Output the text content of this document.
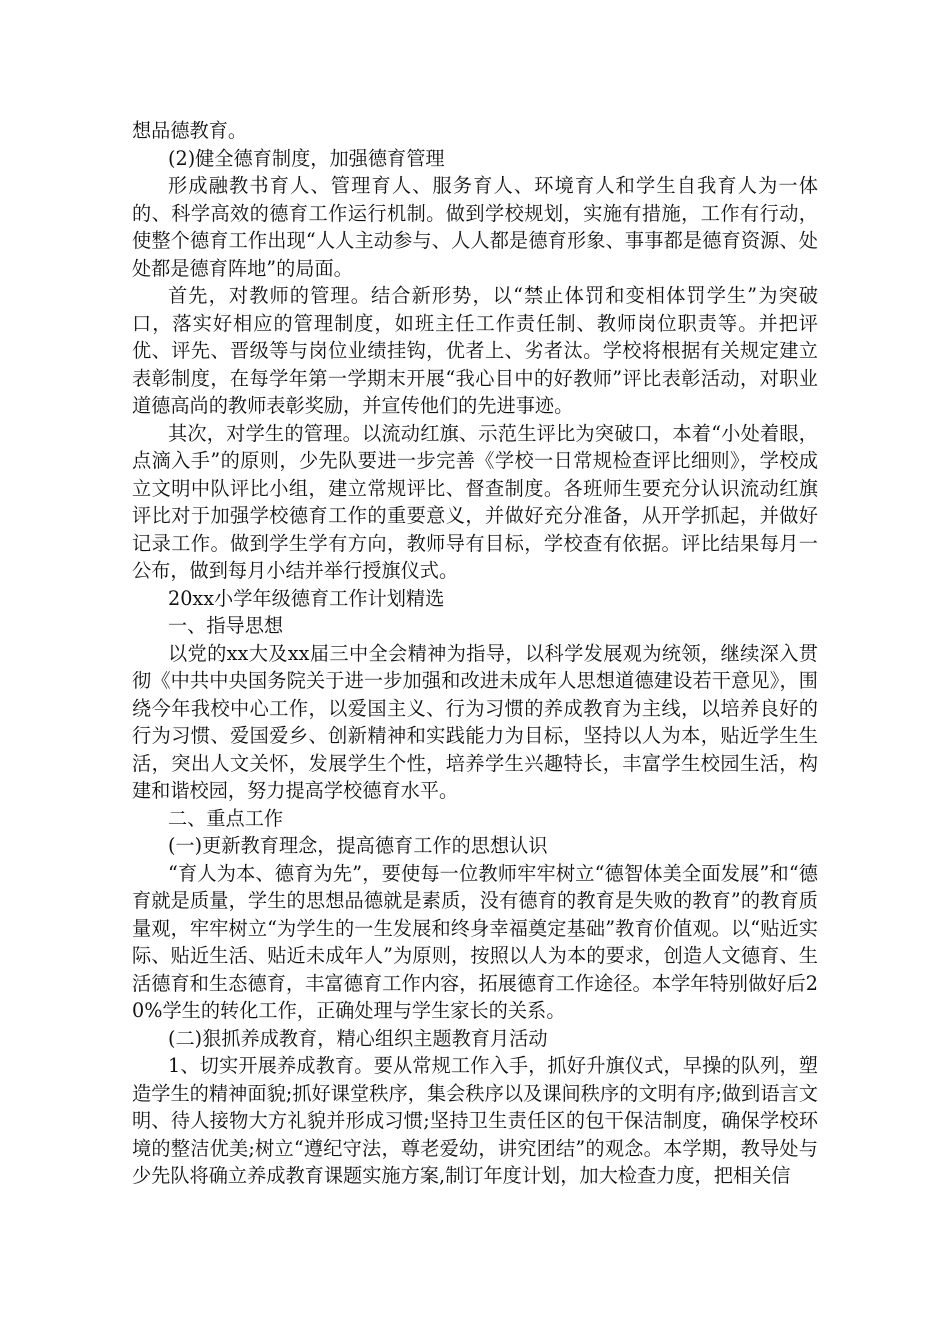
想品德教育。

(2)健全德育制度，加强德育管理

形成融教书育人、管理育人、服务育人、环境育人和学生自我育人为一体的、科学高效的德育工作运行机制。做到学校规划，实施有措施，工作有行动，使整个德育工作出现“人人主动参与、人人都是德育形象、事事都是德育资源、处处都是德育阵地”的局面。

首先，对教师的管理。结合新形势，以“禁止体罚和变相体罚学生”为突破口，落实好相应的管理制度，如班主任工作责任制、教师岗位职责等。并把评优、评先、晋级等与岗位业绩挂钩，优者上、劣者汰。学校将根据有关规定建立表彰制度，在每学年第一学期末开展“我心目中的好教师”评比表彰活动，对职业道德高尚的教师表彰奖励，并宣传他们的先进事迹。

其次，对学生的管理。以流动红旗、示范生评比为突破口，本着“小处着眼，点滴入手”的原则，少先队要进一步完善《学校一日常规检查评比细则》，学校成立文明中队评比小组，建立常规评比、督查制度。各班师生要充分认识流动红旗评比对于加强学校德育工作的重要意义，并做好充分准备，从开学抓起，并做好记录工作。做到学生学有方向，教师导有目标，学校查有依据。评比结果每月一公布，做到每月小结并举行授旗仪式。

20xx小学年级德育工作计划精选

一、指导思想

以党的xx大及xx届三中全会精神为指导，以科学发展观为统领，继续深入贯彻《中共中央国务院关于进一步加强和改进未成年人思想道德建设若干意见》，围绕今年我校中心工作，以爱国主义、行为习惯的养成教育为主线，以培养良好的行为习惯、爱国爱乡、创新精神和实践能力为目标，坚持以人为本，贴近学生生活，突出人文关怀，发展学生个性，培养学生兴趣特长，丰富学生校园生活，构建和谐校园，努力提高学校德育水平。

二、重点工作

(一)更新教育理念，提高德育工作的思想认识

“育人为本、德育为先”，要使每一位教师牢牢树立“德智体美全面发展”和“德育就是质量，学生的思想品德就是素质，没有德育的教育是失败的教育”的教育质量观，牢牢树立“为学生的一生发展和终身幸福奠定基础”教育价值观。以“贴近实际、贴近生活、贴近未成年人”为原则，按照以人为本的要求，创造人文德育、生活德育和生态德育，丰富德育工作内容，拓展德育工作途径。本学年特别做好后20%学生的转化工作，正确处理与学生家长的关系。

(二)狠抓养成教育，精心组织主题教育月活动

1、切实开展养成教育。要从常规工作入手，抓好升旗仪式，早操的队列，塑造学生的精神面貌;抓好课堂秩序，集会秩序以及课间秩序的文明有序;做到语言文明、待人接物大方礼貌并形成习惯;坚持卫生责任区的包干保洁制度，确保学校环境的整洁优美;树立“遵纪守法，尊老爱幼，讲究团结”的观念。本学期，教导处与少先队将确立养成教育课题实施方案,制订年度计划，加大检查力度，把相关信
